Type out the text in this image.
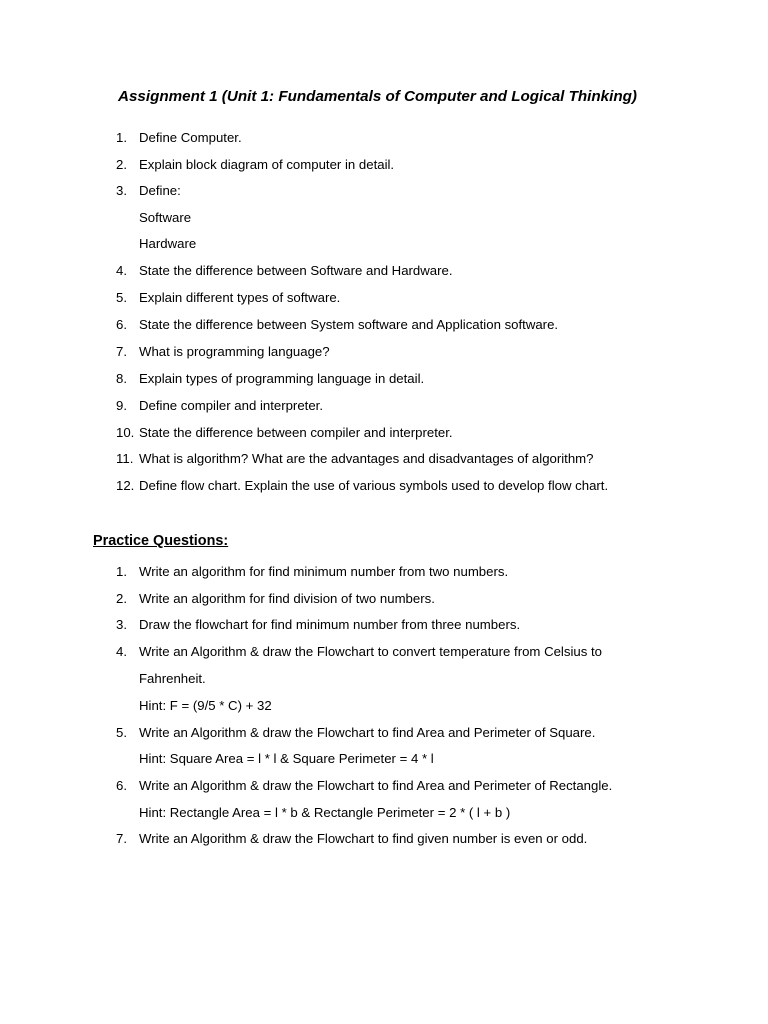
Assignment 1 (Unit 1: Fundamentals of Computer and Logical Thinking)
1. Define Computer.
2. Explain block diagram of computer in detail.
3. Define:
Software
Hardware
4. State the difference between Software and Hardware.
5. Explain different types of software.
6. State the difference between System software and Application software.
7. What is programming language?
8. Explain types of programming language in detail.
9. Define compiler and interpreter.
10. State the difference between compiler and interpreter.
11. What is algorithm? What are the advantages and disadvantages of algorithm?
12. Define flow chart. Explain the use of various symbols used to develop flow chart.
Practice Questions:
1. Write an algorithm for find minimum number from two numbers.
2. Write an algorithm for find division of two numbers.
3. Draw the flowchart for find minimum number from three numbers.
4. Write an Algorithm & draw the Flowchart to convert temperature from Celsius to
Fahrenheit.
Hint: F = (9/5 * C) + 32
5. Write an Algorithm & draw the Flowchart to find Area and Perimeter of Square.
Hint: Square Area = l * l & Square Perimeter = 4 * l
6. Write an Algorithm & draw the Flowchart to find Area and Perimeter of Rectangle.
Hint: Rectangle Area = l * b & Rectangle Perimeter = 2 * ( l + b )
7. Write an Algorithm & draw the Flowchart to find given number is even or odd.
